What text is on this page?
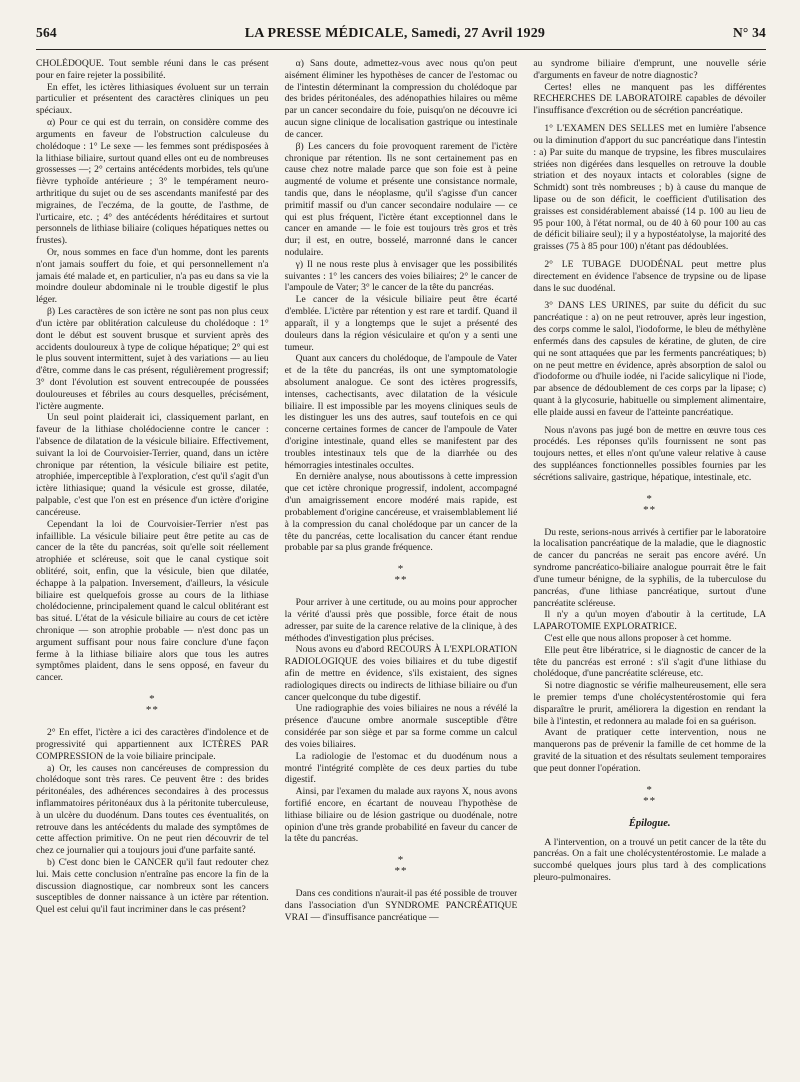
564	LA PRESSE MÉDICALE, Samedi, 27 Avril 1929	N° 34

CHOLÉDOQUE. Tout semble réuni dans le cas présent pour en faire rejeter la possibilité.

En effet, les ictères lithiasiques évoluent sur un terrain particulier et présentent des caractères cliniques un peu spéciaux.

α) Pour ce qui est du terrain, on considère comme des arguments en faveur de l'obstruction calculeuse du cholédoque : 1° Le sexe — les femmes sont prédisposées à la lithiase biliaire, surtout quand elles ont eu de nombreuses grossesses —; 2° certains antécédents morbides, tels qu'une fièvre typhoïde antérieure ; 3° le tempérament neuro-arthritique du sujet ou de ses ascendants manifesté par des migraines, de l'eczéma, de la goutte, de l'asthme, de l'urticaire, etc. ; 4° des antécédents héréditaires et surtout personnels de lithiase biliaire (coliques hépatiques nettes ou frustes).

Or, nous sommes en face d'un homme, dont les parents n'ont jamais souffert du foie, et qui personnellement n'a jamais été malade et, en particulier, n'a pas eu dans sa vie la moindre douleur abdominale ni le trouble digestif le plus léger.

β) Les caractères de son ictère ne sont pas non plus ceux d'un ictère par oblitération calculeuse du cholédoque : 1° dont le début est souvent brusque et survient après des accidents douloureux à type de colique hépatique; 2° qui est le plus souvent intermittent, sujet à des variations — au lieu d'être, comme dans le cas présent, régulièrement progressif; 3° dont l'évolution est souvent entrecoupée de poussées douloureuses et fébriles au cours desquelles, précisément, l'ictère augmente.

Un seul point plaiderait ici, classiquement parlant, en faveur de la lithiase cholédocienne contre le cancer : l'absence de dilatation de la vésicule biliaire. Effectivement, suivant la loi de Courvoisier-Terrier, quand, dans un ictère chronique par rétention, la vésicule biliaire est petite, atrophiée, imperceptible à l'exploration, c'est qu'il s'agit d'un ictère lithiasique; quand la vésicule est grosse, dilatée, palpable, c'est que l'on est en présence d'un ictère d'origine cancéreuse.

Cependant la loi de Courvoisier-Terrier n'est pas infaillible. La vésicule biliaire peut être petite au cas de cancer de la tête du pancréas, soit qu'elle soit réellement atrophiée et scléreuse, soit que le canal cystique soit oblitéré, soit, enfin, que la vésicule, bien que dilatée, échappe à la palpation. Inversement, d'ailleurs, la vésicule biliaire est quelquefois grosse au cours de la lithiase cholédocienne, principalement quand le calcul oblitérant est bas situé. L'état de la vésicule biliaire au cours de cet ictère chronique — son atrophie probable — n'est donc pas un argument suffisant pour nous faire conclure d'une façon ferme à la lithiase biliaire alors que tous les autres symptômes plaident, dans le sens opposé, en faveur du cancer.

*
**

2° En effet, l'ictère a ici des caractères d'indolence et de progressivité qui appartiennent aux ICTÈRES PAR COMPRESSION de la voie biliaire principale.

a) Or, les causes non cancéreuses de compression du cholédoque sont très rares. Ce peuvent être : des brides péritonéales, des adhérences secondaires à des processus inflammatoires péritonéaux dus à la péritonite tuberculeuse, à un ulcère du duodénum. Dans toutes ces éventualités, on retrouve dans les antécédents du malade des symptômes de cette affection primitive. On ne peut rien découvrir de tel chez ce journalier qui a toujours joui d'une parfaite santé.

b) C'est donc bien le CANCER qu'il faut redouter chez lui. Mais cette conclusion n'entraîne pas encore la fin de la discussion diagnostique, car nombreux sont les cancers susceptibles de donner naissance à un ictère par rétention. Quel est celui qu'il faut incriminer dans le cas présent?

α) Sans doute, admettez-vous avec nous qu'on peut aisément éliminer les hypothèses de cancer de l'estomac ou de l'intestin déterminant la compression du cholédoque par des brides péritonéales, des adénopathies hilaires ou même par un cancer secondaire du foie, puisqu'on ne découvre ici aucun signe clinique de localisation gastrique ou intestinale de cancer.

β) Les cancers du foie provoquent rarement de l'ictère chronique par rétention. Ils ne sont certainement pas en cause chez notre malade parce que son foie est à peine augmenté de volume et présente une consistance normale, tandis que, dans le néoplasme, qu'il s'agisse d'un cancer primitif massif ou d'un cancer secondaire nodulaire — ce qui est plus fréquent, l'ictère étant exceptionnel dans le cancer en amande — le foie est toujours très gros et très dur; il est, en outre, bosselé, marronné dans le cancer nodulaire.

γ) Il ne nous reste plus à envisager que les possibilités suivantes : 1° les cancers des voies biliaires; 2° le cancer de l'ampoule de Vater; 3° le cancer de la tête du pancréas.

Le cancer de la vésicule biliaire peut être écarté d'emblée. L'ictère par rétention y est rare et tardif. Quand il apparaît, il y a longtemps que le sujet a présenté des douleurs dans la région vésiculaire et qu'on y a senti une tumeur.

Quant aux cancers du cholédoque, de l'ampoule de Vater et de la tête du pancréas, ils ont une symptomatologie absolument analogue. Ce sont des ictères progressifs, intenses, cachectisants, avec dilatation de la vésicule biliaire. Il est impossible par les moyens cliniques seuls de les distinguer les uns des autres, sauf toutefois en ce qui concerne certaines formes de cancer de l'ampoule de Vater d'origine intestinale, quand elles se manifestent par des troubles intestinaux tels que de la diarrhée ou des hémorragies intestinales occultes.

En dernière analyse, nous aboutissons à cette impression que cet ictère chronique progressif, indolent, accompagné d'un amaigrissement encore modéré mais rapide, est probablement d'origine cancéreuse, et vraisemblablement lié à la compression du canal cholédoque par un cancer de la tête du pancréas, cette localisation du cancer étant rendue probable par sa plus grande fréquence.

*
**

Pour arriver à une certitude, ou au moins pour approcher la vérité d'aussi près que possible, force était de nous adresser, par suite de la carence relative de la clinique, à des méthodes d'investigation plus précises.

Nous avons eu d'abord RECOURS À L'EXPLORATION RADIOLOGIQUE des voies biliaires et du tube digestif afin de mettre en évidence, s'ils existaient, des signes radiologiques directs ou indirects de lithiase biliaire ou d'un cancer quelconque du tube digestif.

Une radiographie des voies biliaires ne nous a révélé la présence d'aucune ombre anormale susceptible d'être considérée par son siège et par sa forme comme un calcul des voies biliaires.

La radiologie de l'estomac et du duodénum nous a montré l'intégrité complète de ces deux parties du tube digestif.

Ainsi, par l'examen du malade aux rayons X, nous avons fortifié encore, en écartant de nouveau l'hypothèse de lithiase biliaire ou de lésion gastrique ou duodénale, notre opinion d'une très grande probabilité en faveur du cancer de la tête du pancréas.

*
**

Dans ces conditions n'aurait-il pas été possible de trouver dans l'association d'un SYNDROME PANCRÉATIQUE VRAI — d'insuffisance pancréatique —

au syndrome biliaire d'emprunt, une nouvelle série d'arguments en faveur de notre diagnostic?

Certes! elles ne manquent pas les différentes RECHERCHES DE LABORATOIRE capables de dévoiler l'insuffisance d'excrétion ou de sécrétion pancréatique.

1° L'EXAMEN DES SELLES met en lumière l'absence ou la diminution d'apport du suc pancréatique dans l'intestin : a) Par suite du manque de trypsine, les fibres musculaires striées non digérées dans lesquelles on retrouve la double striation et des noyaux intacts et colorables (signe de Schmidt) sont très nombreuses ; b) à cause du manque de lipase ou de son déficit, le coefficient d'utilisation des graisses est considérablement abaissé (14 p. 100 au lieu de 95 pour 100, à l'état normal, ou de 40 à 60 pour 100 au cas de déficit biliaire seul); il y a hypostéatolyse, la majorité des graisses (75 à 85 pour 100) n'étant pas dédoublées.

2° LE TUBAGE DUODÉNAL peut mettre plus directement en évidence l'absence de trypsine ou de lipase dans le suc duodénal.

3° DANS LES URINES, par suite du déficit du suc pancréatique : a) on ne peut retrouver, après leur ingestion, des corps comme le salol, l'iodoforme, le bleu de méthylène enfermés dans des capsules de kératine, de gluten, de cire qui ne sont attaquées que par les ferments pancréatiques; b) on ne peut mettre en évidence, après absorption de salol ou d'iodoforme ou d'huile iodée, ni l'acide salicylique ni l'iode, par absence de dédoublement de ces corps par la lipase; c) quant à la glycosurie, habituelle ou simplement alimentaire, elle plaide aussi en faveur de l'atteinte pancréatique.

Nous n'avons pas jugé bon de mettre en œuvre tous ces procédés. Les réponses qu'ils fournissent ne sont pas toujours nettes, et elles n'ont qu'une valeur relative à cause des suppléances fonctionnelles possibles fournies par les sécrétions salivaire, gastrique, hépatique, intestinale, etc.

*
**

Du reste, serions-nous arrivés à certifier par le laboratoire la localisation pancréatique de la maladie, que le diagnostic de cancer du pancréas ne serait pas encore avéré. Un syndrome pancréatico-biliaire analogue pourrait être le fait d'une tumeur bénigne, de la syphilis, de la tuberculose du pancréas, d'une lithiase pancréatique, surtout d'une pancréatite scléreuse.

Il n'y a qu'un moyen d'aboutir à la certitude, LA LAPAROTOMIE EXPLORATRICE.

C'est elle que nous allons proposer à cet homme.

Elle peut être libératrice, si le diagnostic de cancer de la tête du pancréas est erroné : s'il s'agit d'une lithiase du cholédoque, d'une pancréatite scléreuse, etc.

Si notre diagnostic se vérifie malheureusement, elle sera le premier temps d'une cholécystentérostomie qui fera disparaître le prurit, améliorera la digestion en rendant la bile à l'intestin, et redonnera au malade foi en sa guérison.

Avant de pratiquer cette intervention, nous ne manquerons pas de prévenir la famille de cet homme de la gravité de la situation et des résultats seulement temporaires que peut donner l'opération.

*
**
Épilogue.

A l'intervention, on a trouvé un petit cancer de la tête du pancréas. On a fait une cholécystentérostomie. Le malade a succombé quelques jours plus tard à des complications pleuro-pulmonaires.
